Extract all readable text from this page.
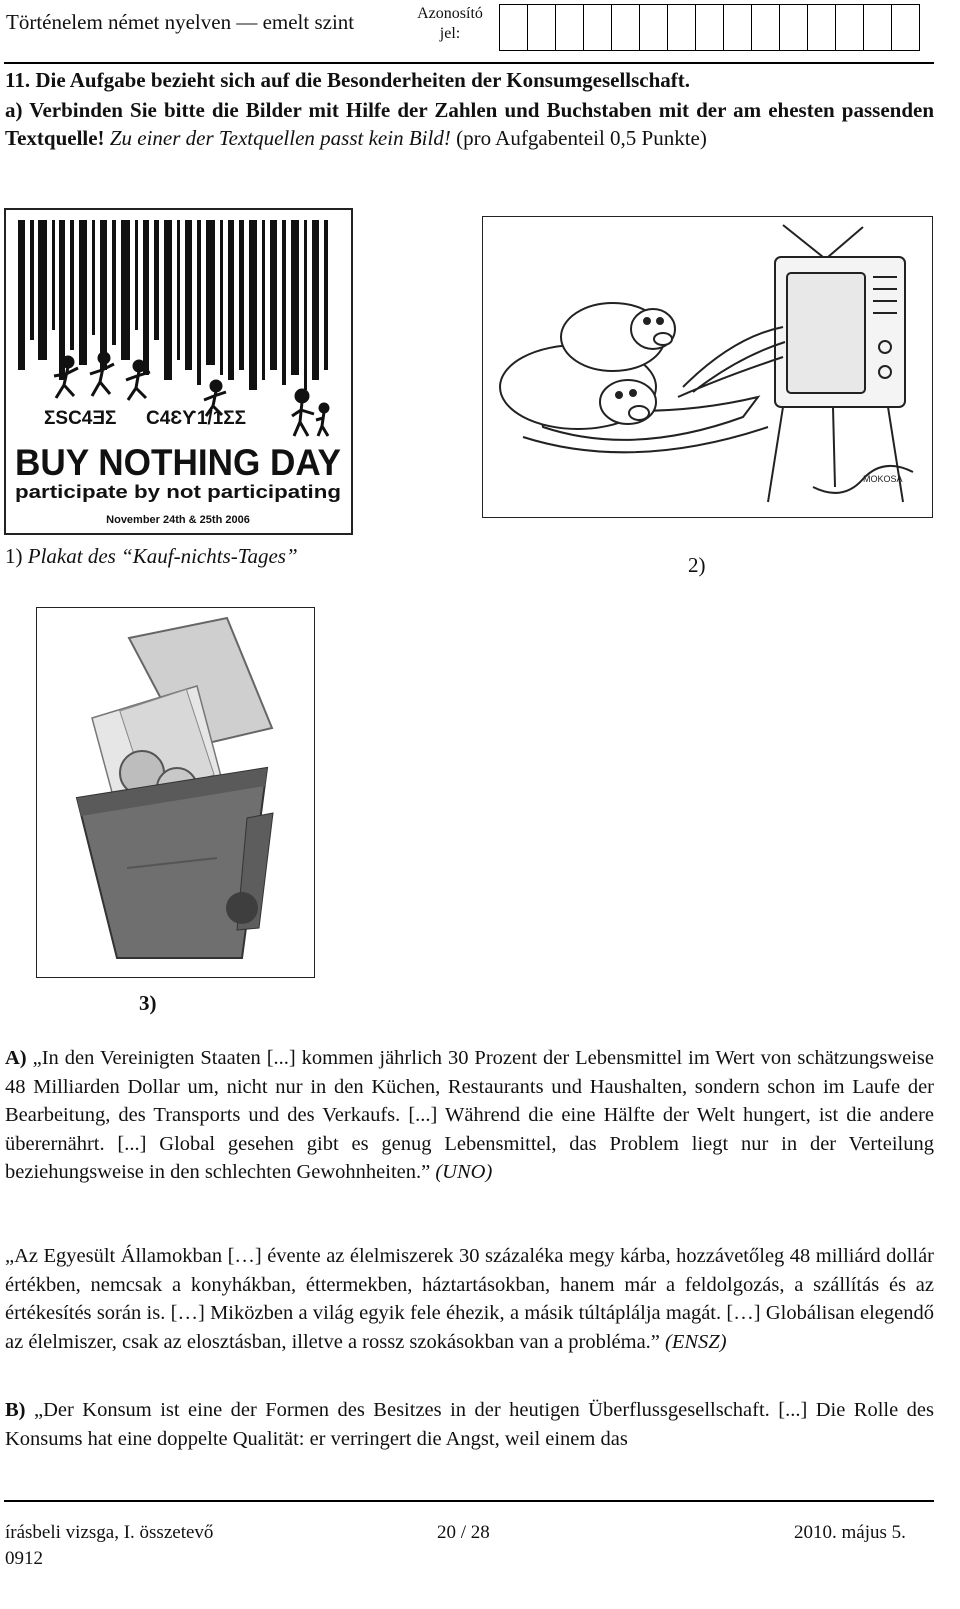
Történelem német nyelven — emelt szint	Azonosító
jel:
11. Die Aufgabe bezieht sich auf die Besonderheiten der Konsumgesellschaft.
a) Verbinden Sie bitte die Bilder mit Hilfe der Zahlen und Buchstaben mit der am ehesten passenden Textquelle! Zu einer der Textquellen passt kein Bild! (pro Aufgabenteil 0,5 Punkte)
ƩSC4ƎƩ C4ƐƳ1/1ƩƩ
BUY NOTHING DAY
participate by not participating
November 24th & 25th 2006
1) Plakat des “Kauf-nichts-Tages”
MOKOSA
2)
3)
A) „In den Vereinigten Staaten [...] kommen jährlich 30 Prozent der Lebensmittel im Wert von schätzungsweise 48 Milliarden Dollar um, nicht nur in den Küchen, Restaurants und Haushalten, sondern schon im Laufe der Bearbeitung, des Transports und des Verkaufs. [...] Während die eine Hälfte der Welt hungert, ist die andere überernährt. [...] Global gesehen gibt es genug Lebensmittel, das Problem liegt nur in der Verteilung beziehungsweise in den schlechten Gewohnheiten.” (UNO)
„Az Egyesült Államokban […] évente az élelmiszerek 30 százaléka megy kárba, hozzávetőleg 48 milliárd dollár értékben, nemcsak a konyhákban, éttermekben, háztartásokban, hanem már a feldolgozás, a szállítás és az értékesítés során is. […] Miközben a világ egyik fele éhezik, a másik túltáplálja magát. […] Globálisan elegendő az élelmiszer, csak az elosztásban, illetve a rossz szokásokban van a probléma.” (ENSZ)
B) „Der Konsum ist eine der Formen des Besitzes in der heutigen Überflussgesellschaft. [...] Die Rolle des Konsums hat eine doppelte Qualität: er verringert die Angst, weil einem das
írásbeli vizsga, I. összetevő
0912
20 / 28	2010. május 5.
